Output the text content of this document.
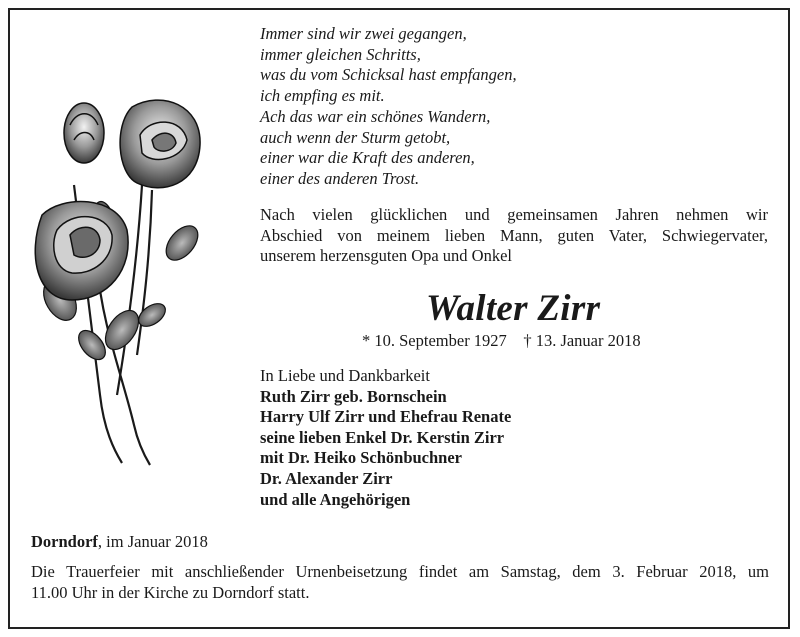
Immer sind wir zwei gegangen,
immer gleichen Schritts,
was du vom Schicksal hast empfangen,
ich empfing es mit.
Ach das war ein schönes Wandern,
auch wenn der Sturm getobt,
einer war die Kraft des anderen,
einer des anderen Trost.
Nach vielen glücklichen und gemeinsamen Jahren nehmen wir
Abschied von meinem lieben Mann, guten Vater, Schwiegervater,
unserem herzensguten Opa und Onkel
Walter Zirr
* 10. September 1927 † 13. Januar 2018
In Liebe und Dankbarkeit
Ruth Zirr geb. Bornschein
Harry Ulf Zirr und Ehefrau Renate
seine lieben Enkel Dr. Kerstin Zirr
mit Dr. Heiko Schönbuchner
Dr. Alexander Zirr
und alle Angehörigen
Dorndorf, im Januar 2018
Die Trauerfeier mit anschließender Urnenbeisetzung findet am Samstag, dem 3. Februar 2018, um
11.00 Uhr in der Kirche zu Dorndorf statt.
